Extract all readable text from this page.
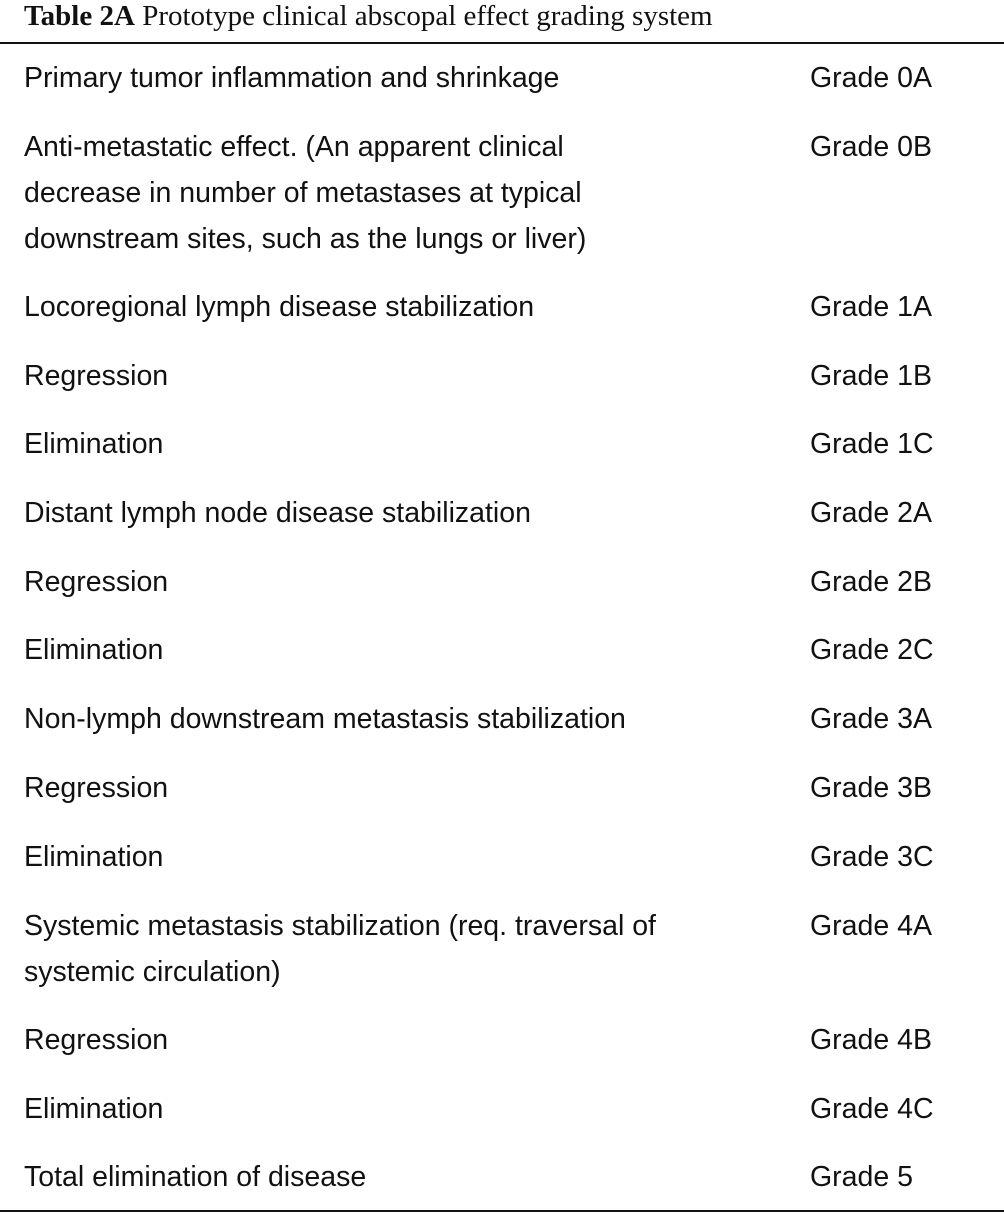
Table 2A Prototype clinical abscopal effect grading system
Primary tumor inflammation and shrinkage	Grade 0A
Anti-metastatic effect. (An apparent clinical
decrease in number of metastases at typical
downstream sites, such as the lungs or liver)
Grade 0B
Locoregional lymph disease stabilization	Grade 1A
Regression	Grade 1B
Elimination	Grade 1C
Distant lymph node disease stabilization	Grade 2A
Regression	Grade 2B
Elimination	Grade 2C
Non-lymph downstream metastasis stabilization	Grade 3A
Regression	Grade 3B
Elimination	Grade 3C
Systemic metastasis stabilization (req. traversal of
systemic circulation)
Grade 4A
Regression	Grade 4B
Elimination	Grade 4C
Total elimination of disease	Grade 5
